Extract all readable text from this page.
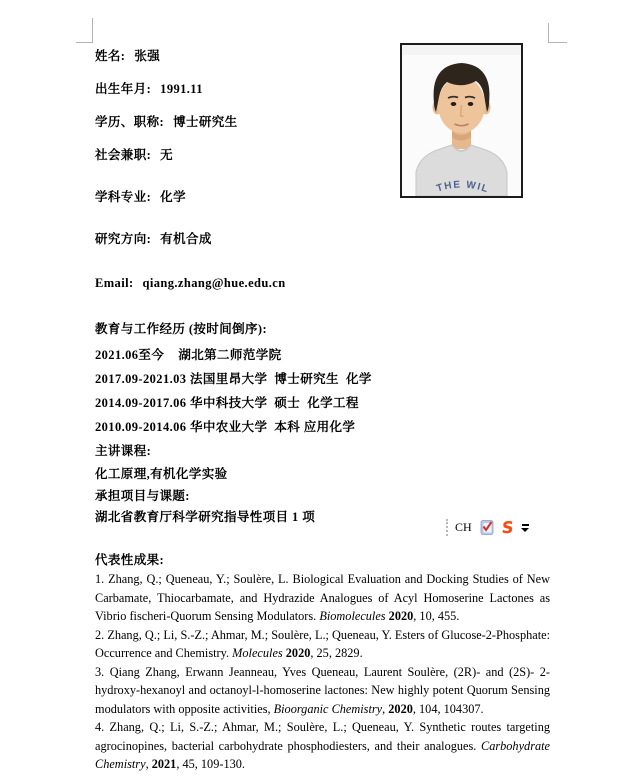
THE WIL
姓名: 张强
出生年月: 1991.11
学历、职称: 博士研究生
社会兼职: 无
学科专业: 化学
研究方向: 有机合成
Email: qiang.zhang@hue.edu.cn
教育与工作经历 (按时间倒序):
2021.06至今    湖北第二师范学院
2017.09-2021.03 法国里昂大学  博士研究生  化学
2014.09-2017.06 华中科技大学  硕士  化学工程
2010.09-2014.06 华中农业大学  本科 应用化学
主讲课程:
化工原理,有机化学实验
承担项目与课题:
湖北省教育厅科学研究指导性项目 1 项
代表性成果:

1. Zhang, Q.; Queneau, Y.; Soulère, L. Biological Evaluation and Docking Studies of New Carbamate, Thiocarbamate, and Hydrazide Analogues of Acyl Homoserine Lactones as Vibrio fischeri-Quorum Sensing Modulators. Biomolecules 2020, 10, 455.

2. Zhang, Q.; Li, S.-Z.; Ahmar, M.; Soulère, L.; Queneau, Y. Esters of Glucose-2-Phosphate: Occurrence and Chemistry. Molecules 2020, 25, 2829.

3. Qiang Zhang, Erwann Jeanneau, Yves Queneau, Laurent Soulère, (2R)- and (2S)- 2-hydroxy-hexanoyl and octanoyl-l-homoserine lactones: New highly potent Quorum Sensing modulators with opposite activities, Bioorganic Chemistry, 2020, 104, 104307.

4. Zhang, Q.; Li, S.-Z.; Ahmar, M.; Soulère, L.; Queneau, Y. Synthetic routes targeting agrocinopines, bacterial carbohydrate phosphodiesters, and their analogues. Carbohydrate Chemistry, 2021, 45, 109-130.

CH S
